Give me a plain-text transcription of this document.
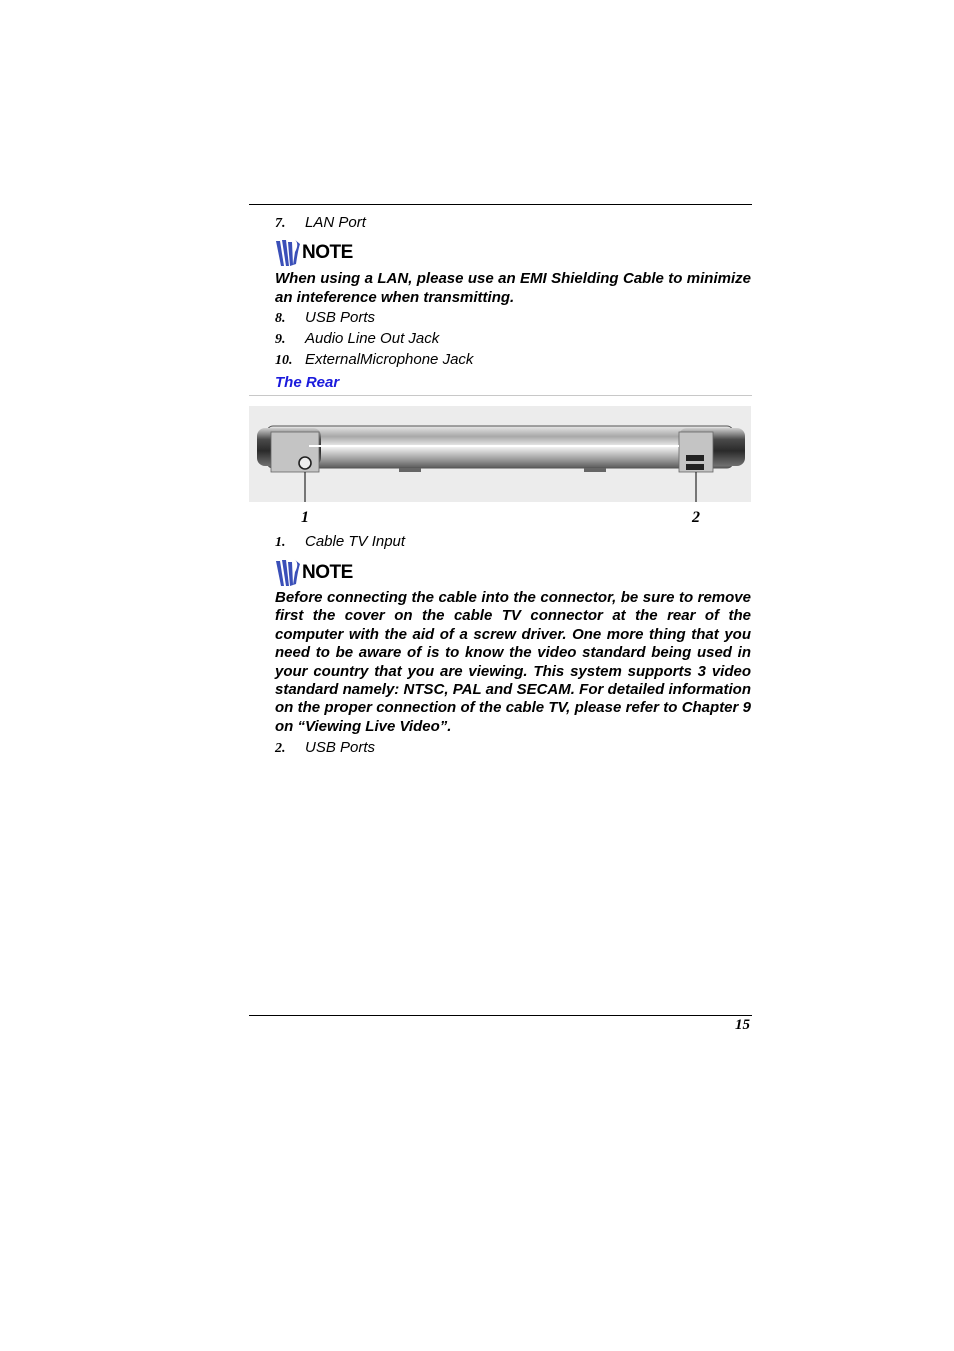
7. LAN Port
NOTE
When using a LAN, please use an EMI Shielding Cable to minimize an inteference when transmitting.
8. USB Ports
9. Audio Line Out Jack
10. ExternalMicrophone Jack
The Rear
1	2
1. Cable TV Input
NOTE
Before connecting the cable into the connector, be sure to remove first the cover on the cable TV connector at the rear of the computer with the aid of a screw driver. One more thing that you need to be aware of is to know the video standard being used in your country that you are viewing. This system supports 3 video standard namely: NTSC, PAL and SECAM. For detailed information on the proper connection of the cable TV, please refer to Chapter 9 on “Viewing Live Video”.
2. USB Ports
15
